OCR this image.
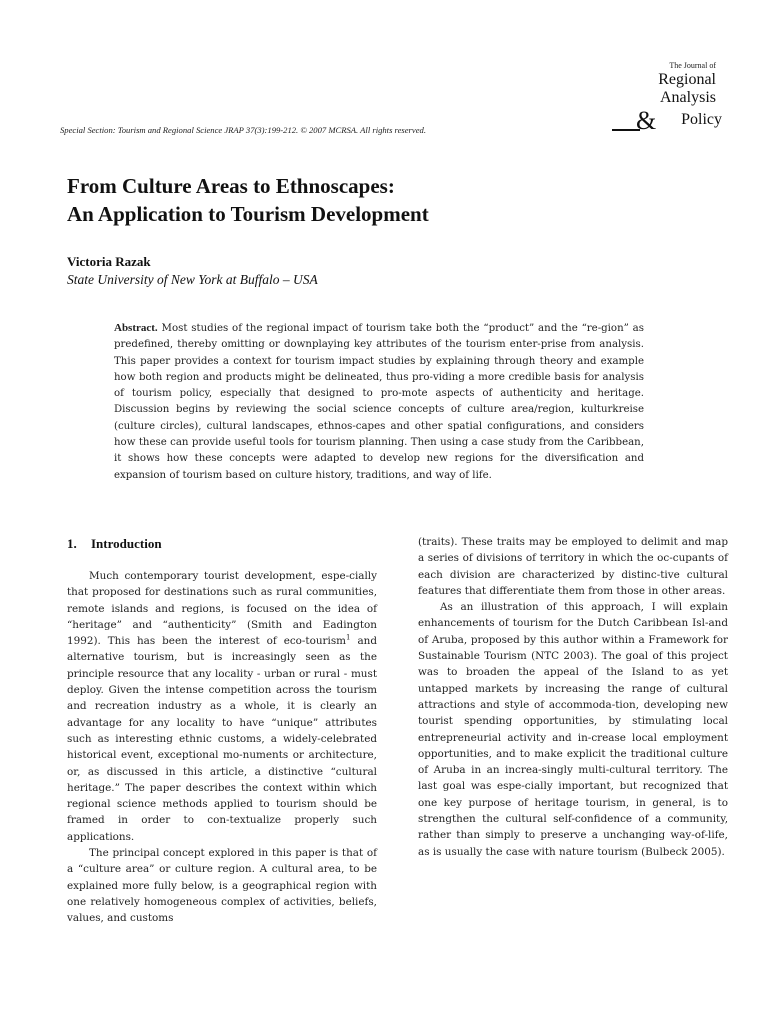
The Journal of
Regional
Analysis
& Policy
Special Section: Tourism and Regional Science JRAP 37(3):199-212. © 2007 MCRSA. All rights reserved.
From Culture Areas to Ethnoscapes:
An Application to Tourism Development
Victoria Razak
State University of New York at Buffalo – USA
Abstract. Most studies of the regional impact of tourism take both the “product” and the “re-gion” as predefined, thereby omitting or downplaying key attributes of the tourism enter-prise from analysis. This paper provides a context for tourism impact studies by explaining through theory and example how both region and products might be delineated, thus pro-viding a more credible basis for analysis of tourism policy, especially that designed to pro-mote aspects of authenticity and heritage. Discussion begins by reviewing the social science concepts of culture area/region, kulturkreise (culture circles), cultural landscapes, ethnos-capes and other spatial configurations, and considers how these can provide useful tools for tourism planning. Then using a case study from the Caribbean, it shows how these concepts were adapted to develop new regions for the diversification and expansion of tourism based on culture history, traditions, and way of life.
1. Introduction

Much contemporary tourist development, espe-cially that proposed for destinations such as rural communities, remote islands and regions, is focused on the idea of “heritage” and “authenticity” (Smith and Eadington 1992). This has been the interest of eco-tourism$^1$ and alternative tourism, but is increasingly seen as the principle resource that any locality - urban or rural - must deploy. Given the intense competition across the tourism and recreation industry as a whole, it is clearly an advantage for any locality to have “unique” attributes such as interesting ethnic customs, a widely-celebrated historical event, exceptional mo-numents or architecture, or, as discussed in this article, a distinctive “cultural heritage.” The paper describes the context within which regional science methods applied to tourism should be framed in order to con-textualize properly such applications.

The principal concept explored in this paper is that of a “culture area” or culture region. A cultural area, to be explained more fully below, is a geographical region with one relatively homogeneous complex of activities, beliefs, values, and customs

(traits). These traits may be employed to delimit and map a series of divisions of territory in which the oc-cupants of each division are characterized by distinc-tive cultural features that differentiate them from those in other areas.

As an illustration of this approach, I will explain enhancements of tourism for the Dutch Caribbean Isl-and of Aruba, proposed by this author within a Framework for Sustainable Tourism (NTC 2003). The goal of this project was to broaden the appeal of the Island to as yet untapped markets by increasing the range of cultural attractions and style of accommoda-tion, developing new tourist spending opportunities, by stimulating local entrepreneurial activity and in-crease local employment opportunities, and to make explicit the traditional culture of Aruba in an increa-singly multi-cultural territory. The last goal was espe-cially important, but recognized that one key purpose of heritage tourism, in general, is to strengthen the cultural self-confidence of a community, rather than simply to preserve a unchanging way-of-life, as is usually the case with nature tourism (Bulbeck 2005).
